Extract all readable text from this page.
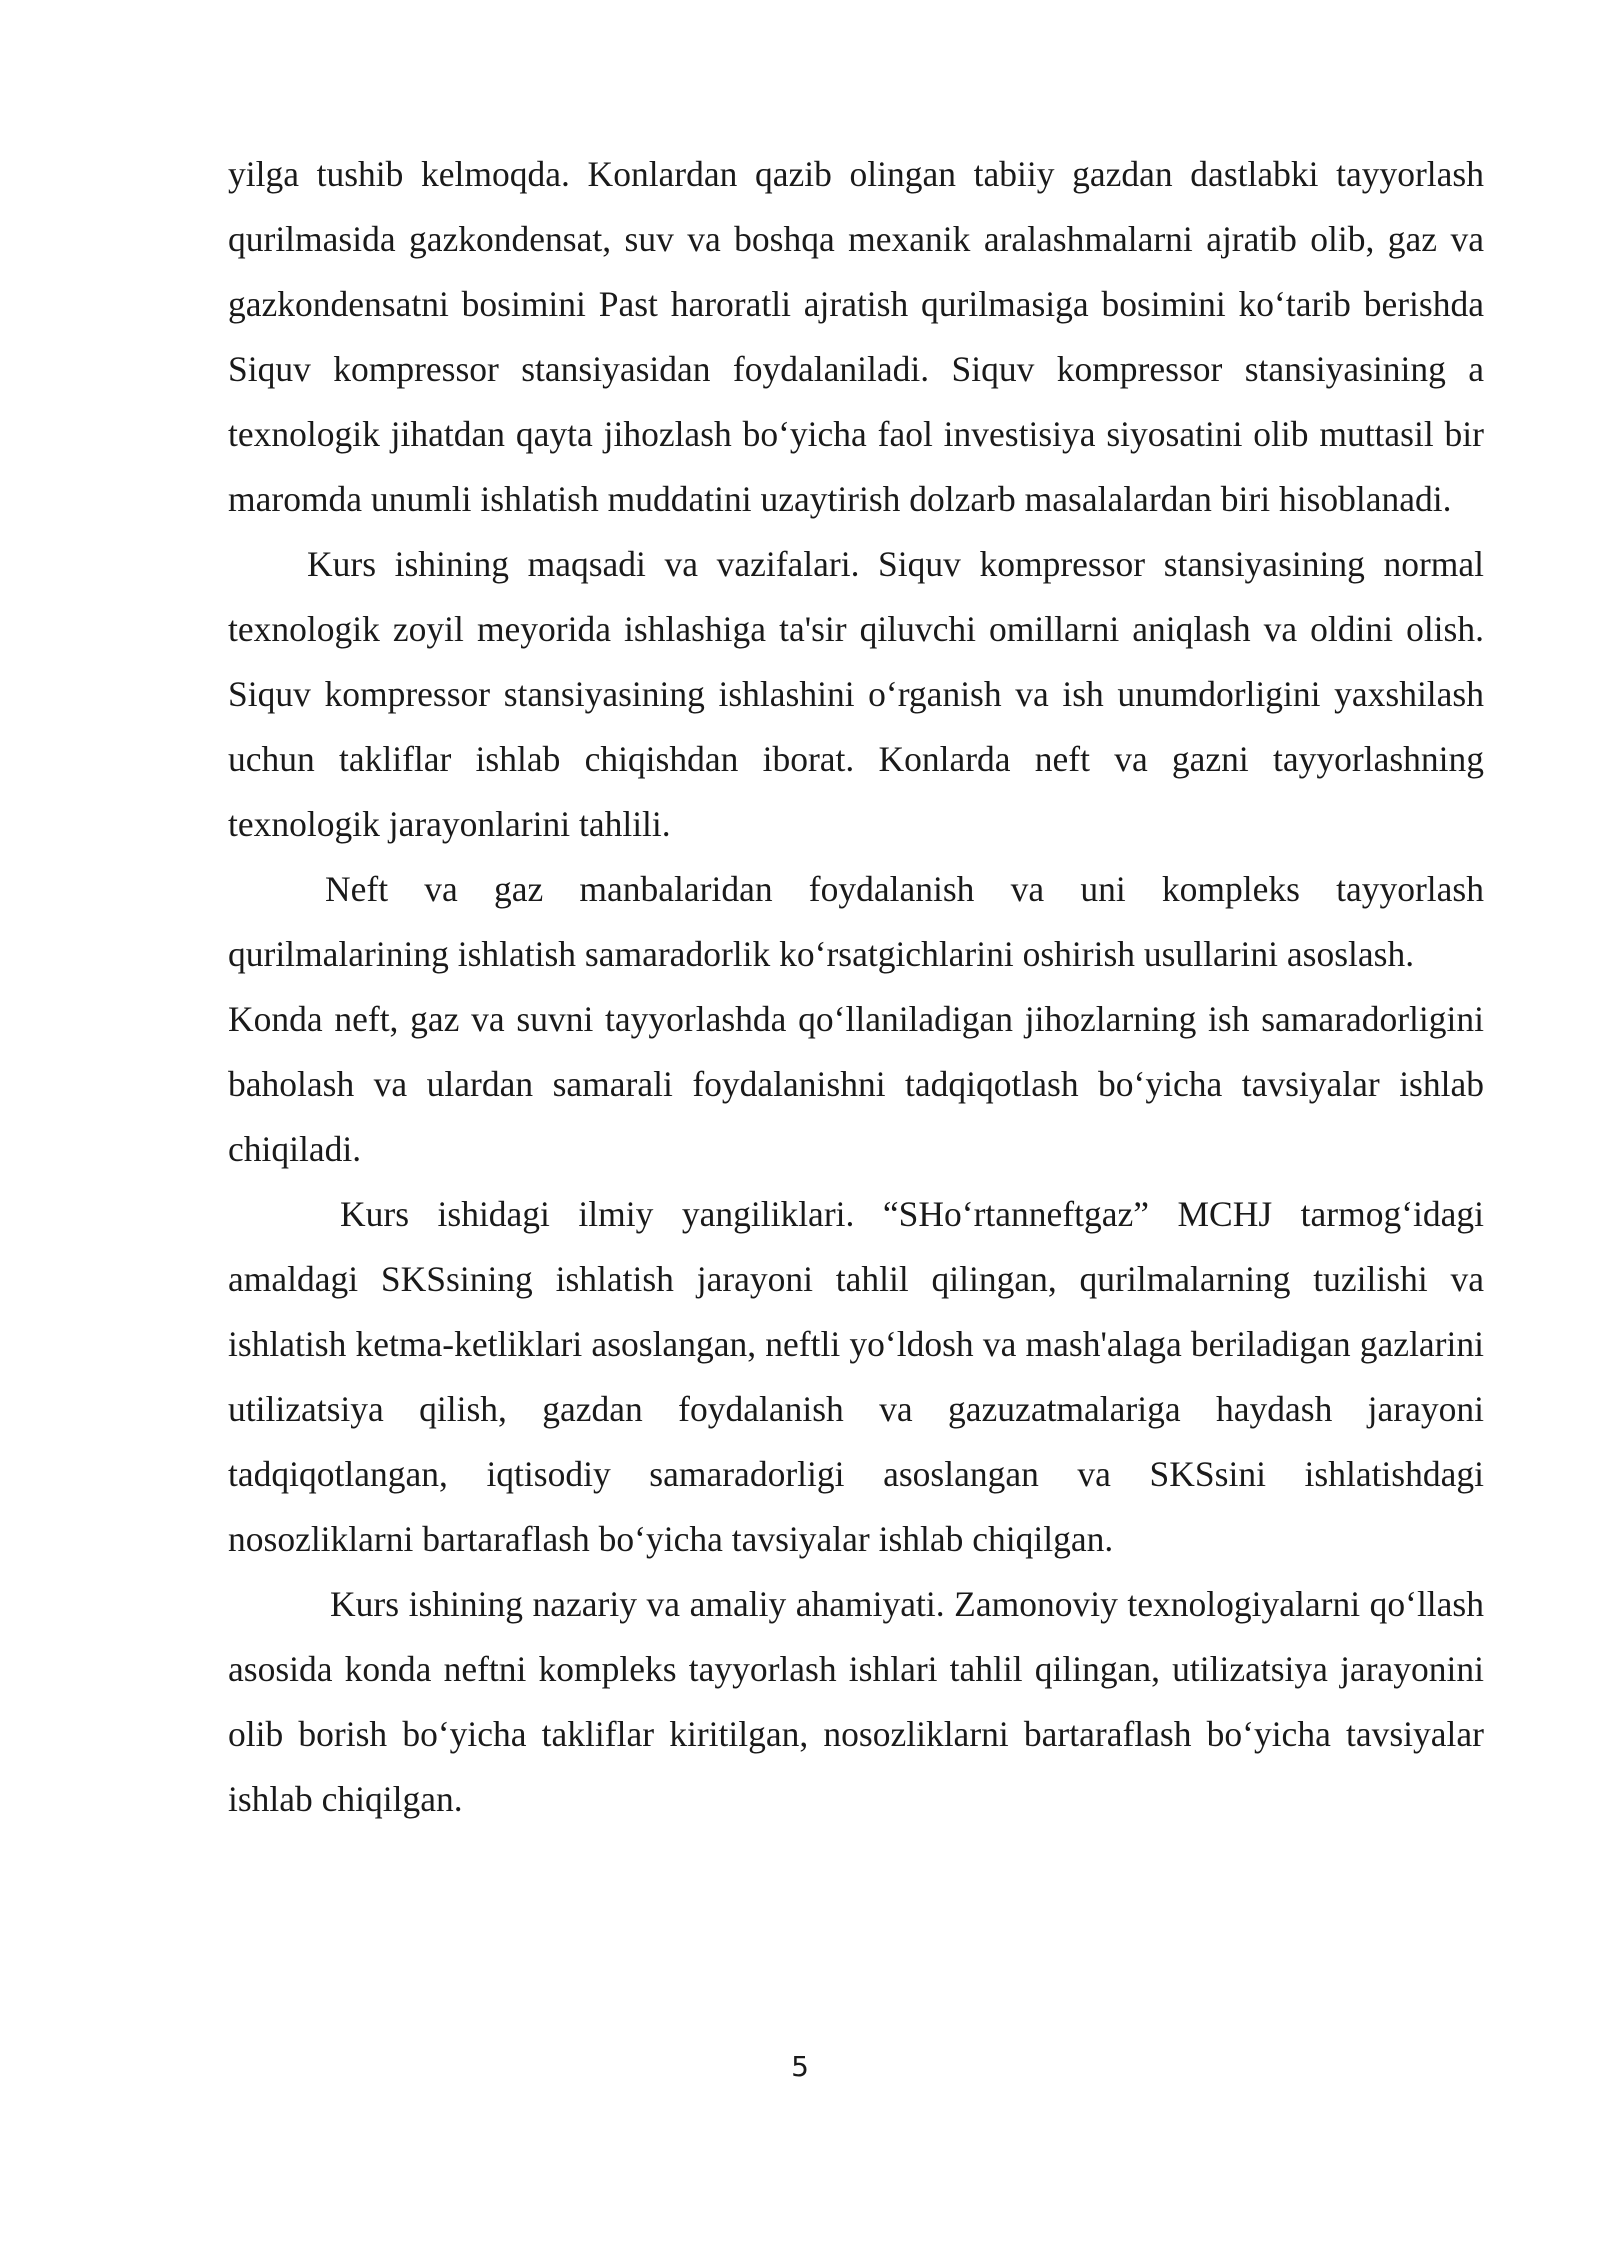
yilga tushib kelmoqda. Konlardan qazib olingan tabiiy gazdan dastlabki tayyorlash qurilmasida gazkondensat, suv va boshqa mexanik aralashmalarni ajratib olib, gaz va gazkondensatni bosimini Past haroratli ajratish qurilmasiga bosimini ko‘tarib berishda Siquv kompressor stansiyasidan foydalaniladi. Siquv kompressor stansiyasining a texnologik jihatdan qayta jihozlash bo‘yicha faol investisiya siyosatini olib muttasil bir maromda unumli ishlatish muddatini uzaytirish dolzarb masalalardan biri hisoblanadi.

Kurs ishining maqsadi va vazifalari. Siquv kompressor stansiyasining normal texnologik zoyil meyorida ishlashiga ta'sir qiluvchi omillarni aniqlash va oldini olish. Siquv kompressor stansiyasining ishlashini o‘rganish va ish unumdorligini yaxshilash uchun takliflar ishlab chiqishdan iborat. Konlarda neft va gazni tayyorlashning texnologik jarayonlarini tahlili.

Neft va gaz manbalaridan foydalanish va uni kompleks tayyorlash qurilmalarining ishlatish samaradorlik ko‘rsatgichlarini oshirish usullarini asoslash.

Konda neft, gaz va suvni tayyorlashda qo‘llaniladigan jihozlarning ish samaradorligini baholash va ulardan samarali foydalanishni tadqiqotlash bo‘yicha tavsiyalar ishlab chiqiladi.

Kurs ishidagi ilmiy yangiliklari. “SHo‘rtanneftgaz” MCHJ tarmog‘idagi amaldagi SKSsining ishlatish jarayoni tahlil qilingan, qurilmalarning tuzilishi va ishlatish ketma-ketliklari asoslangan, neftli yo‘ldosh va mash'alaga beriladigan gazlarini utilizatsiya qilish, gazdan foydalanish va gazuzatmalariga haydash jarayoni tadqiqotlangan, iqtisodiy samaradorligi asoslangan va SKSsini ishlatishdagi nosozliklarni bartaraflash bo‘yicha tavsiyalar ishlab chiqilgan.

Kurs ishining nazariy va amaliy ahamiyati. Zamonoviy texnologiyalarni qo‘llash asosida konda neftni kompleks tayyorlash ishlari tahlil qilingan, utilizatsiya jarayonini olib borish bo‘yicha takliflar kiritilgan, nosozliklarni bartaraflash bo‘yicha tavsiyalar ishlab chiqilgan.

5
